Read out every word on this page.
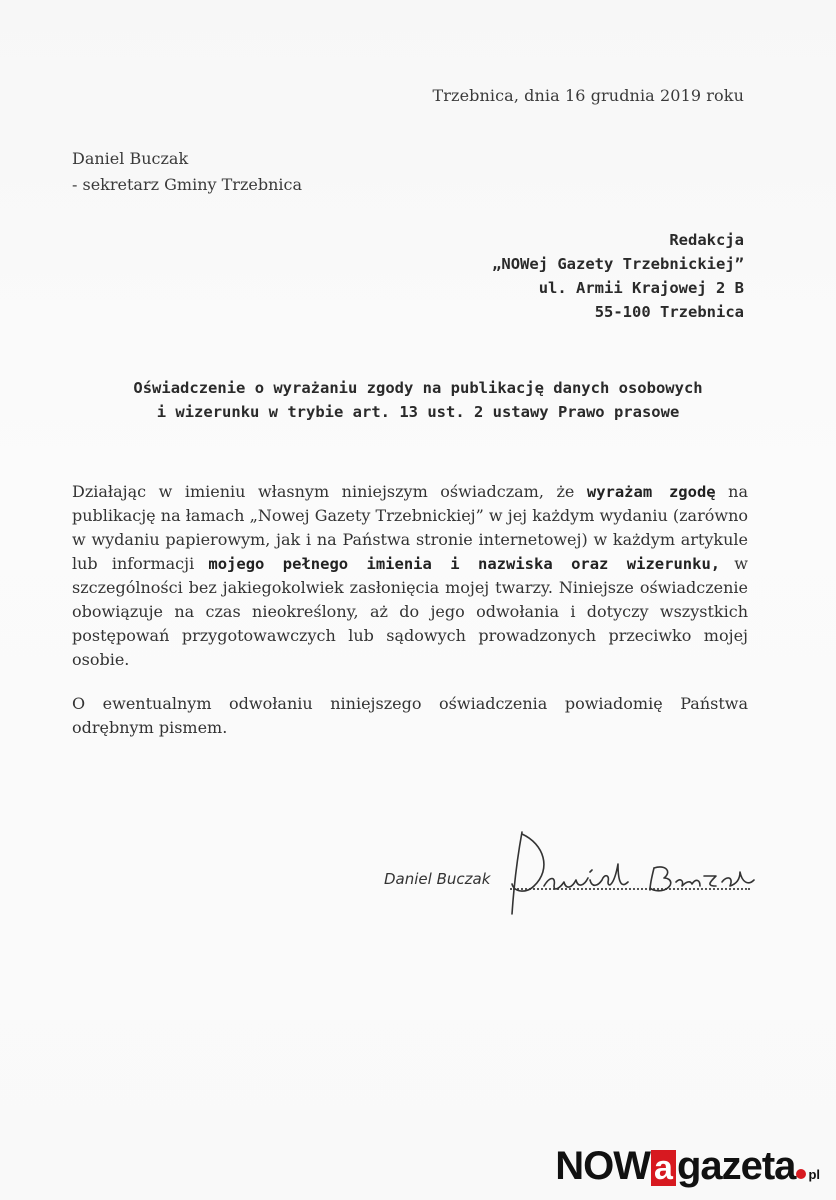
Trzebnica, dnia 16 grudnia 2019 roku
Daniel Buczak
- sekretarz Gminy Trzebnica
Redakcja
„NOWej Gazety Trzebnickiej”
ul. Armii Krajowej 2 B
55-100 Trzebnica
Oświadczenie o wyrażaniu zgody na publikację danych osobowych
i wizerunku w trybie art. 13 ust. 2 ustawy Prawo prasowe

Działając w imieniu własnym niniejszym oświadczam, że wyrażam zgodę na publikację na łamach „Nowej Gazety Trzebnickiej” w jej każdym wydaniu (zarówno w wydaniu papierowym, jak i na Państwa stronie internetowej) w każdym artykule lub informacji mojego pełnego imienia i nazwiska oraz wizerunku, w szczególności bez jakiegokolwiek zasłonięcia mojej twarzy. Niniejsze oświadczenie obowiązuje na czas nieokreślony, aż do jego odwołania i dotyczy wszystkich postępowań przygotowawczych lub sądowych prowadzonych przeciwko mojej osobie.

O ewentualnym odwołaniu niniejszego oświadczenia powiadomię Państwa odrębnym pismem.

Daniel Buczak
NOW a gazeta pl
